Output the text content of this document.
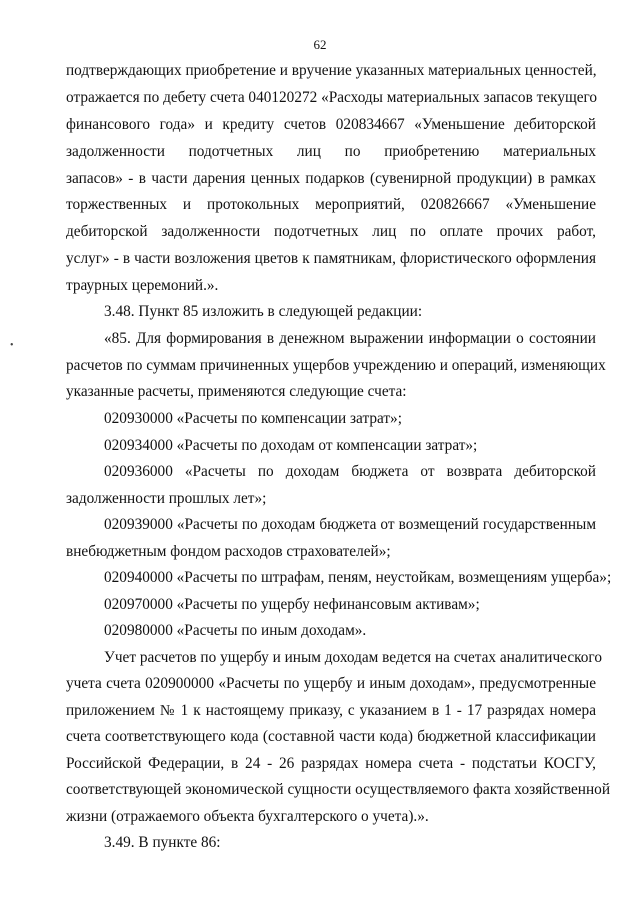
62
подтверждающих приобретение и вручение указанных материальных ценностей,
отражается по дебету счета 040120272 «Расходы материальных запасов текущего
финансового года» и кредиту счетов 020834667 «Уменьшение дебиторской
задолженности подотчетных лиц по приобретению материальных
запасов» - в части дарения ценных подарков (сувенирной продукции) в рамках
торжественных и протокольных мероприятий, 020826667 «Уменьшение
дебиторской задолженности подотчетных лиц по оплате прочих работ,
услуг» - в части возложения цветов к памятникам, флористического оформления
траурных церемоний.».
3.48. Пункт 85 изложить в следующей редакции:
•	«85. Для формирования в денежном выражении информации о состоянии
расчетов по суммам причиненных ущербов учреждению и операций, изменяющих
указанные расчеты, применяются следующие счета:
020930000 «Расчеты по компенсации затрат»;
020934000 «Расчеты по доходам от компенсации затрат»;
020936000 «Расчеты по доходам бюджета от возврата дебиторской
задолженности прошлых лет»;
020939000 «Расчеты по доходам бюджета от возмещений государственным
внебюджетным фондом расходов страхователей»;
020940000 «Расчеты по штрафам, пеням, неустойкам, возмещениям ущерба»;
020970000 «Расчеты по ущербу нефинансовым активам»;
020980000 «Расчеты по иным доходам».
Учет расчетов по ущербу и иным доходам ведется на счетах аналитического
учета счета 020900000 «Расчеты по ущербу и иным доходам», предусмотренные
приложением № 1 к настоящему приказу, с указанием в 1 - 17 разрядах номера
счета соответствующего кода (составной части кода) бюджетной классификации
Российской Федерации, в 24 - 26 разрядах номера счета - подстатьи КОСГУ,
соответствующей экономической сущности осуществляемого факта хозяйственной
жизни (отражаемого объекта бухгалтерского о учета).».
3.49. В пункте 86:
